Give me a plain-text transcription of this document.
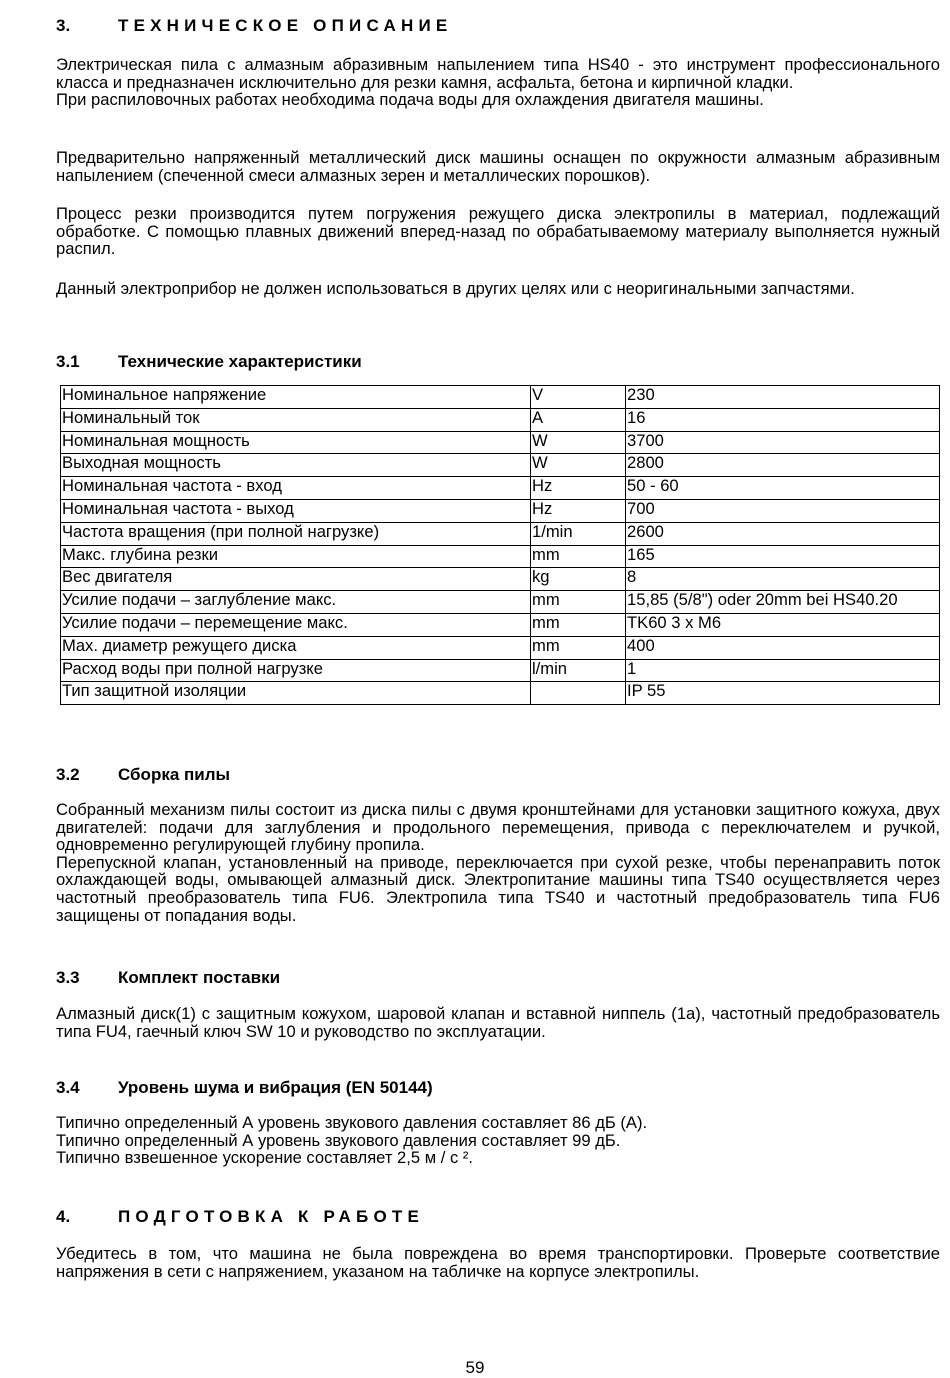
3.	ТЕХНИЧЕСКОЕ ОПИСАНИЕ
Электрическая пила с алмазным абразивным напылением типа HS40 - это инструмент профессионального класса и предназначен исключительно для резки камня, асфальта, бетона и кирпичной кладки.
При распиловочных работах необходима подача воды для охлаждения двигателя машины.
Предварительно напряженный металлический диск машины оснащен по окружности алмазным абразивным напылением (спеченной смеси алмазных зерен и металлических порошков).
Процесс резки производится путем погружения режущего диска электропилы в материал, подлежащий обработке. С помощью плавных движений вперед-назад по обрабатываемому материалу выполняется нужный распил.
Данный электроприбор не должен использоваться в других целях или с неоригинальными запчастями.
3.1 Технические характеристики
Номинальное напряжение	V	230
Номинальный ток	A	16
Номинальная мощность	W	3700
Выходная мощность	W	2800
Номинальная частота - вход	Hz	50 - 60
Номинальная частота - выход	Hz	700
Частота вращения (при полной нагрузке)	1/min	2600
Макс. глубина резки	mm	165
Вес двигателя	kg	8
Усилие подачи – заглубление макс.	mm	15,85 (5/8") oder 20mm bei HS40.20
Усилие подачи – перемещение макс.	mm	TK60 3 x M6
Max. диаметр режущего диска	mm	400
Расход воды при полной нагрузке	l/min	1
Тип защитной изоляции		IP 55
3.2 Сборка пилы
Собранный механизм пилы состоит из диска пилы с двумя кронштейнами для установки защитного кожуха, двух двигателей: подачи для заглубления и продольного перемещения, привода с переключателем и ручкой, одновременно регулирующей глубину пропила.
Перепускной клапан, установленный на приводе, переключается при сухой резке, чтобы перенаправить поток охлаждающей воды, омывающей алмазный диск. Электропитание машины типа TS40 осуществляется через частотный преобразователь типа FU6. Электропила типа TS40 и частотный предобразователь типа FU6 защищены от попадания воды.
3.3 Комплект поставки
Алмазный диск(1) с защитным кожухом, шаровой клапан и вставной ниппель (1а), частотный предобразователь типа FU4, гаечный ключ SW 10 и руководство по эксплуатации.
3.4 Уровень шума и вибрация (EN 50144)
Типично определенный А уровень звукового давления составляет 86 дБ (А).
Типично определенный А уровень звукового давления составляет 99 дБ.
Типично взвешенное ускорение составляет 2,5 м / с ².
4.	ПОДГОТОВКА К РАБОТЕ
Убедитесь в том, что машина не была повреждена во время транспортировки. Проверьте соответствие напряжения в сети с напряжением, указаном на табличке на корпусе электропилы.
59
